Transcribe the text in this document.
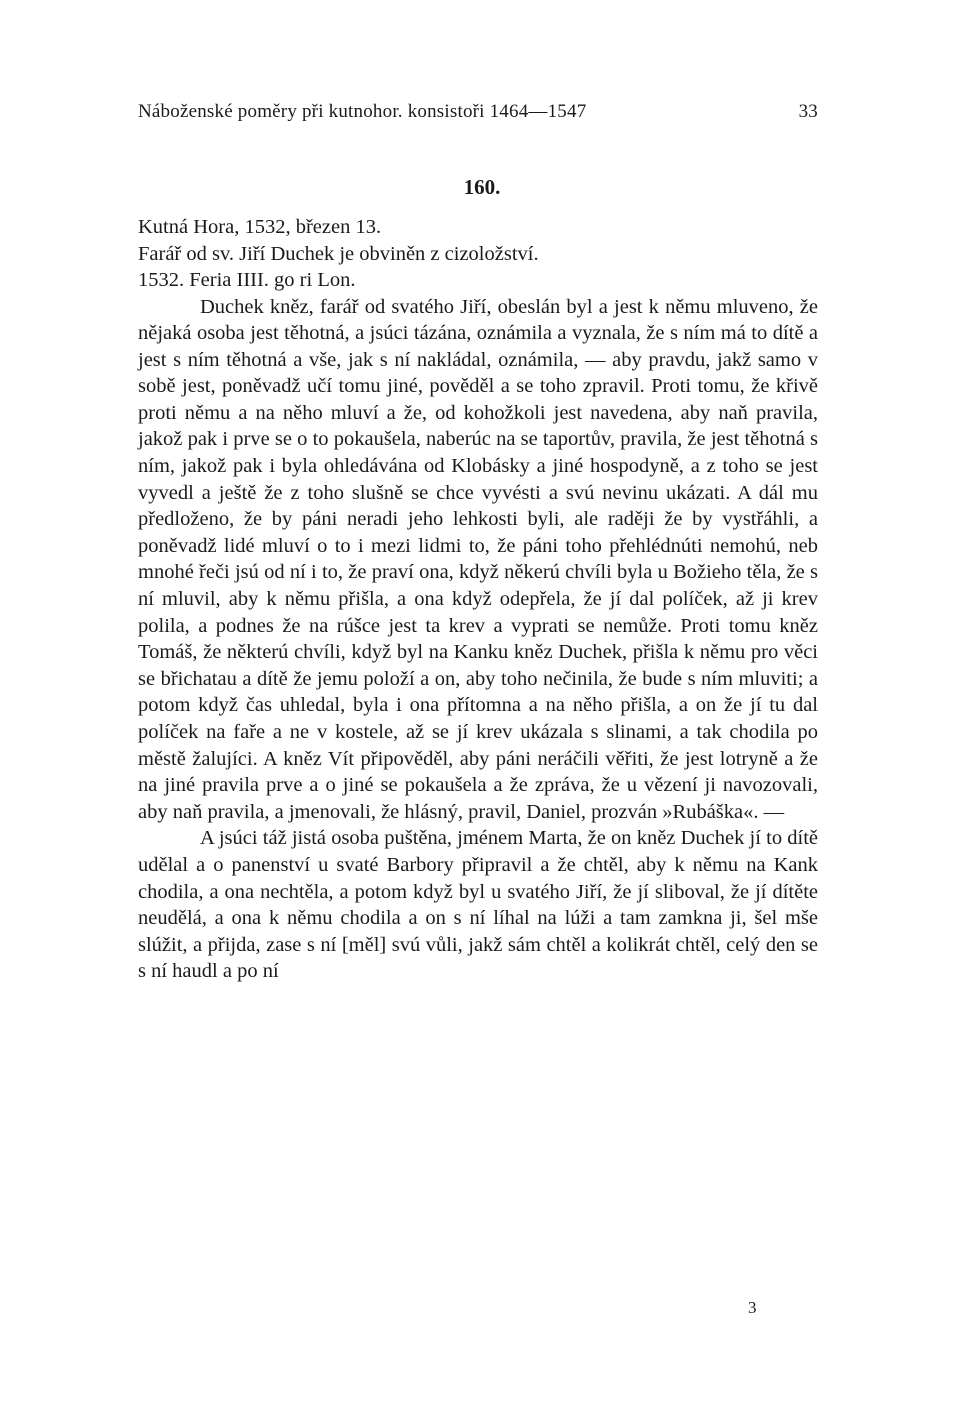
Náboženské poměry při kutnohor. konsistoři 1464—1547	33
160.
Kutná Hora, 1532, březen 13.
Farář od sv. Jiří Duchek je obviněn z cizoložství.
1532. Feria IIII. go ri Lon.

Duchek kněz, farář od svatého Jiří, obeslán byl a jest k němu mluveno, že nějaká osoba jest těhotná, a jsúci tázána, oznámila a vyznala, že s ním má to dítě a jest s ním těhotná a vše, jak s ní nakládal, oznámila, — aby pravdu, jakž samo v sobě jest, poněvadž učí tomu jiné, pověděl a se toho zpravil. Proti tomu, že křivě proti němu a na něho mluví a že, od kohožkoli jest navedena, aby naň pravila, jakož pak i prve se o to pokaušela, naberúc na se taportův, pravila, že jest těhotná s ním, jakož pak i byla ohledávána od Klobásky a jiné hospodyně, a z toho se jest vyvedl a ještě že z toho slušně se chce vyvésti a svú nevinu ukázati. A dál mu předloženo, že by páni neradi jeho lehkosti byli, ale raději že by vystřáhli, a poněvadž lidé mluví o to i mezi lidmi to, že páni toho přehlédnúti nemohú, neb mnohé řeči jsú od ní i to, že praví ona, když někerú chvíli byla u Božieho těla, že s ní mluvil, aby k němu přišla, a ona když odepřela, že jí dal políček, až ji krev polila, a podnes že na rúšce jest ta krev a vyprati se nemůže. Proti tomu kněz Tomáš, že některú chvíli, když byl na Kanku kněz Duchek, přišla k němu pro věci se břichatau a dítě že jemu položí a on, aby toho nečinila, že bude s ním mluviti; a potom když čas uhledal, byla i ona přítomna a na něho přišla, a on že jí tu dal políček na faře a ne v kostele, až se jí krev ukázala s slinami, a tak chodila po městě žalujíci. A kněz Vít připověděl, aby páni neráčili věřiti, že jest lotryně a že na jiné pravila prve a o jiné se pokaušela a že zpráva, že u vězení ji navozovali, aby naň pravila, a jmenovali, že hlásný, pravil, Daniel, prozván »Rubáška«. —

A jsúci táž jistá osoba puštěna, jménem Marta, že on kněz Duchek jí to dítě udělal a o panenství u svaté Barbory připravil a že chtěl, aby k němu na Kank chodila, a ona nechtěla, a potom když byl u svatého Jiří, že jí sliboval, že jí dítěte neudělá, a ona k němu chodila a on s ní líhal na lúži a tam zamkna ji, šel mše slúžit, a přijda, zase s ní [měl] svú vůli, jakž sám chtěl a kolikrát chtěl, celý den se s ní haudl a po ní

3
